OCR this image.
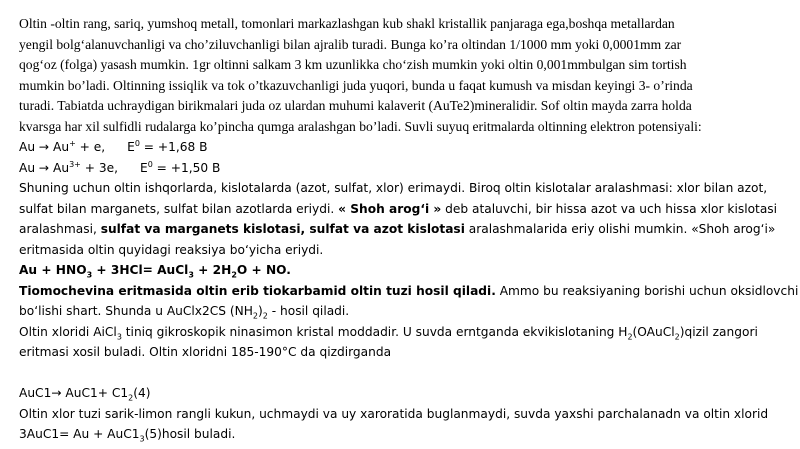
Oltin -oltin rang, sariq, yumshoq metall, tomonlari markazlashgan kub shakl kristallik panjaraga ega,boshqa metallardan
yengil bolg‘alanuvchanligi va cho’ziluvchanligi bilan ajralib turadi. Bunga ko’ra oltindan 1/1000 mm yoki 0,0001mm zar
qog‘oz (folga) yasash mumkin. 1gr oltinni salkam 3 km uzunlikka cho‘zish mumkin yoki oltin 0,001mmbulgan sim tortish
mumkin bo’ladi. Oltinning issiqlik va tok o’tkazuvchanligi juda yuqori, bunda u faqat kumush va misdan keyingi 3- o’rinda
turadi. Tabiatda uchraydigan birikmalari juda oz ulardan muhumi kalaverit (AuTe2)mineralidir. Sof oltin mayda zarra holda
kvarsga har xil sulfidli rudalarga ko’pincha qumga aralashgan bo’ladi. Suvli suyuq eritmalarda oltinning elektron potensiyali:
Au → Au+ + e, $E^0 = +1,68$ B
$Au \to Au^{3+} + 3e$, $E^0 = +1,50$ B
Shuning uchun oltin ishqorlarda, kislotalarda (azot, sulfat, xlor) erimaydi. Biroq oltin kislotalar aralashmasi: xlor bilan azot,
sulfat bilan marganets, sulfat bilan azotlarda eriydi. « Shoh arog‘i » deb ataluvchi, bir hissa azot va uch hissa xlor kislotasi
aralashmasi, sulfat va marganets kislotasi, sulfat va azot kislotasi aralashmalarida eriy olishi mumkin. «Shoh arog‘i»
eritmasida oltin quyidagi reaksiya bo‘yicha eriydi.
$Au + HNO_3 + 3HCl=$ AuCl$_3$ + $2H_2O$ + NO.
Tiomochevina eritmasida oltin erib tiokarbamid oltin tuzi hosil qiladi. Ammo bu reaksiyaning borishi uchun oksidlovchi
bo‘lishi shart. Shunda u AuClx2CS $(NH_2)_2$ - hosil qiladi.
Oltin xloridi AiCl$_3$ tiniq gikroskopik ninasimon kristal moddadir. U suvda erntganda ekvikislotaning $H_2(OAuCl_2)qizil$ zangori
eritmasi xosil buladi. Oltin xloridni 185-190°C da qizdirganda
$AuC1\to AuC1+ C1_2(4)$
Oltin xlor tuzi sarik-limon rangli kukun, uchmaydi va uy xaroratida buglanmaydi, suvda yaxshi parchalanadn va oltin xlorid
$3AuC1= Au + AuC1_3(5)hosil$ buladi.
